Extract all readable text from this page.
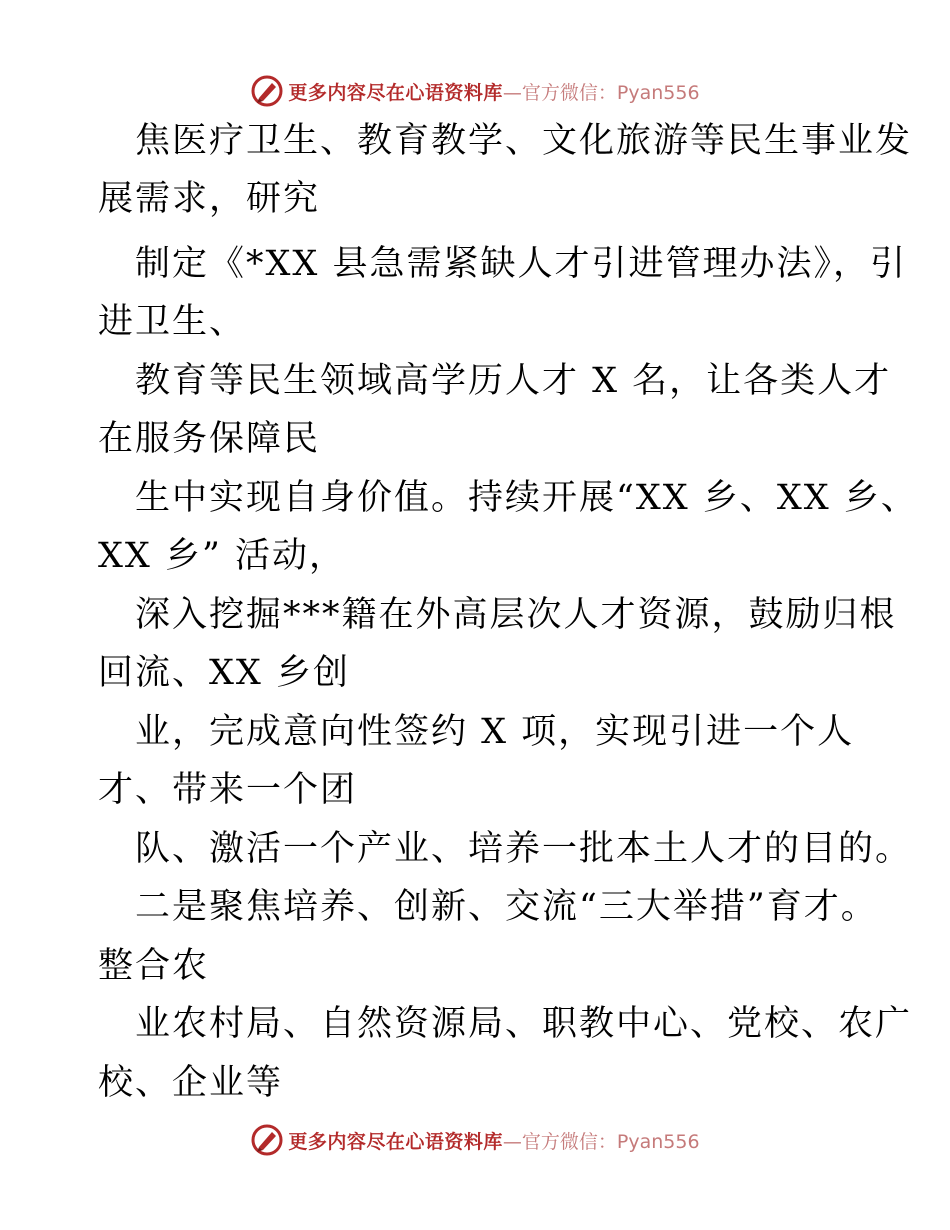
更多内容尽在心语资料库 —官方微信：Pyan556
焦医疗卫生、教育教学、文化旅游等民生事业发
展需求，研究
制定《*XX 县急需紧缺人才引进管理办法》，引
进卫生、
教育等民生领域高学历人才 X 名，让各类人才
在服务保障民
生中实现自身价值。持续开展“XX 乡、XX 乡、
XX 乡” 活动，
深入挖掘***籍在外高层次人才资源，鼓励归根
回流、XX 乡创
业，完成意向性签约 X 项，实现引进一个人
才、带来一个团
队、激活一个产业、培养一批本土人才的目的。
二是聚焦培养、创新、交流“三大举措”育才。
整合农
业农村局、自然资源局、职教中心、党校、农广
校、企业等
更多内容尽在心语资料库 —官方微信：Pyan556
